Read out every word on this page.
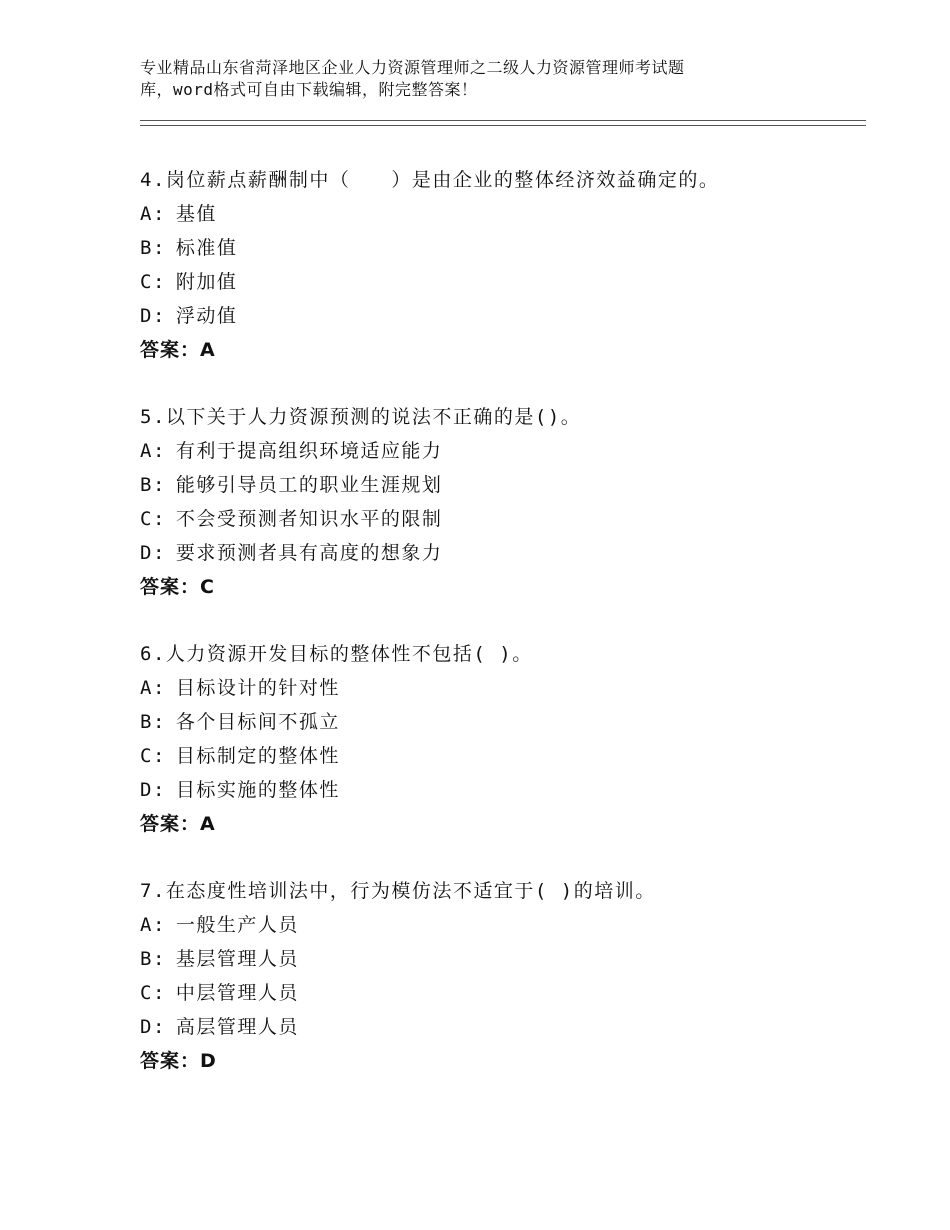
专业精品山东省菏泽地区企业人力资源管理师之二级人力资源管理师考试题
库，word格式可自由下载编辑，附完整答案！
4.岗位薪点薪酬制中（　　）是由企业的整体经济效益确定的。
A: 基值
B: 标准值
C: 附加值
D: 浮动值
答案：A
5.以下关于人力资源预测的说法不正确的是()。
A: 有利于提高组织环境适应能力
B: 能够引导员工的职业生涯规划
C: 不会受预测者知识水平的限制
D: 要求预测者具有高度的想象力
答案：C
6.人力资源开发目标的整体性不包括( )。
A: 目标设计的针对性
B: 各个目标间不孤立
C: 目标制定的整体性
D: 目标实施的整体性
答案：A
7.在态度性培训法中，行为模仿法不适宜于( )的培训。
A: 一般生产人员
B: 基层管理人员
C: 中层管理人员
D: 高层管理人员
答案：D
